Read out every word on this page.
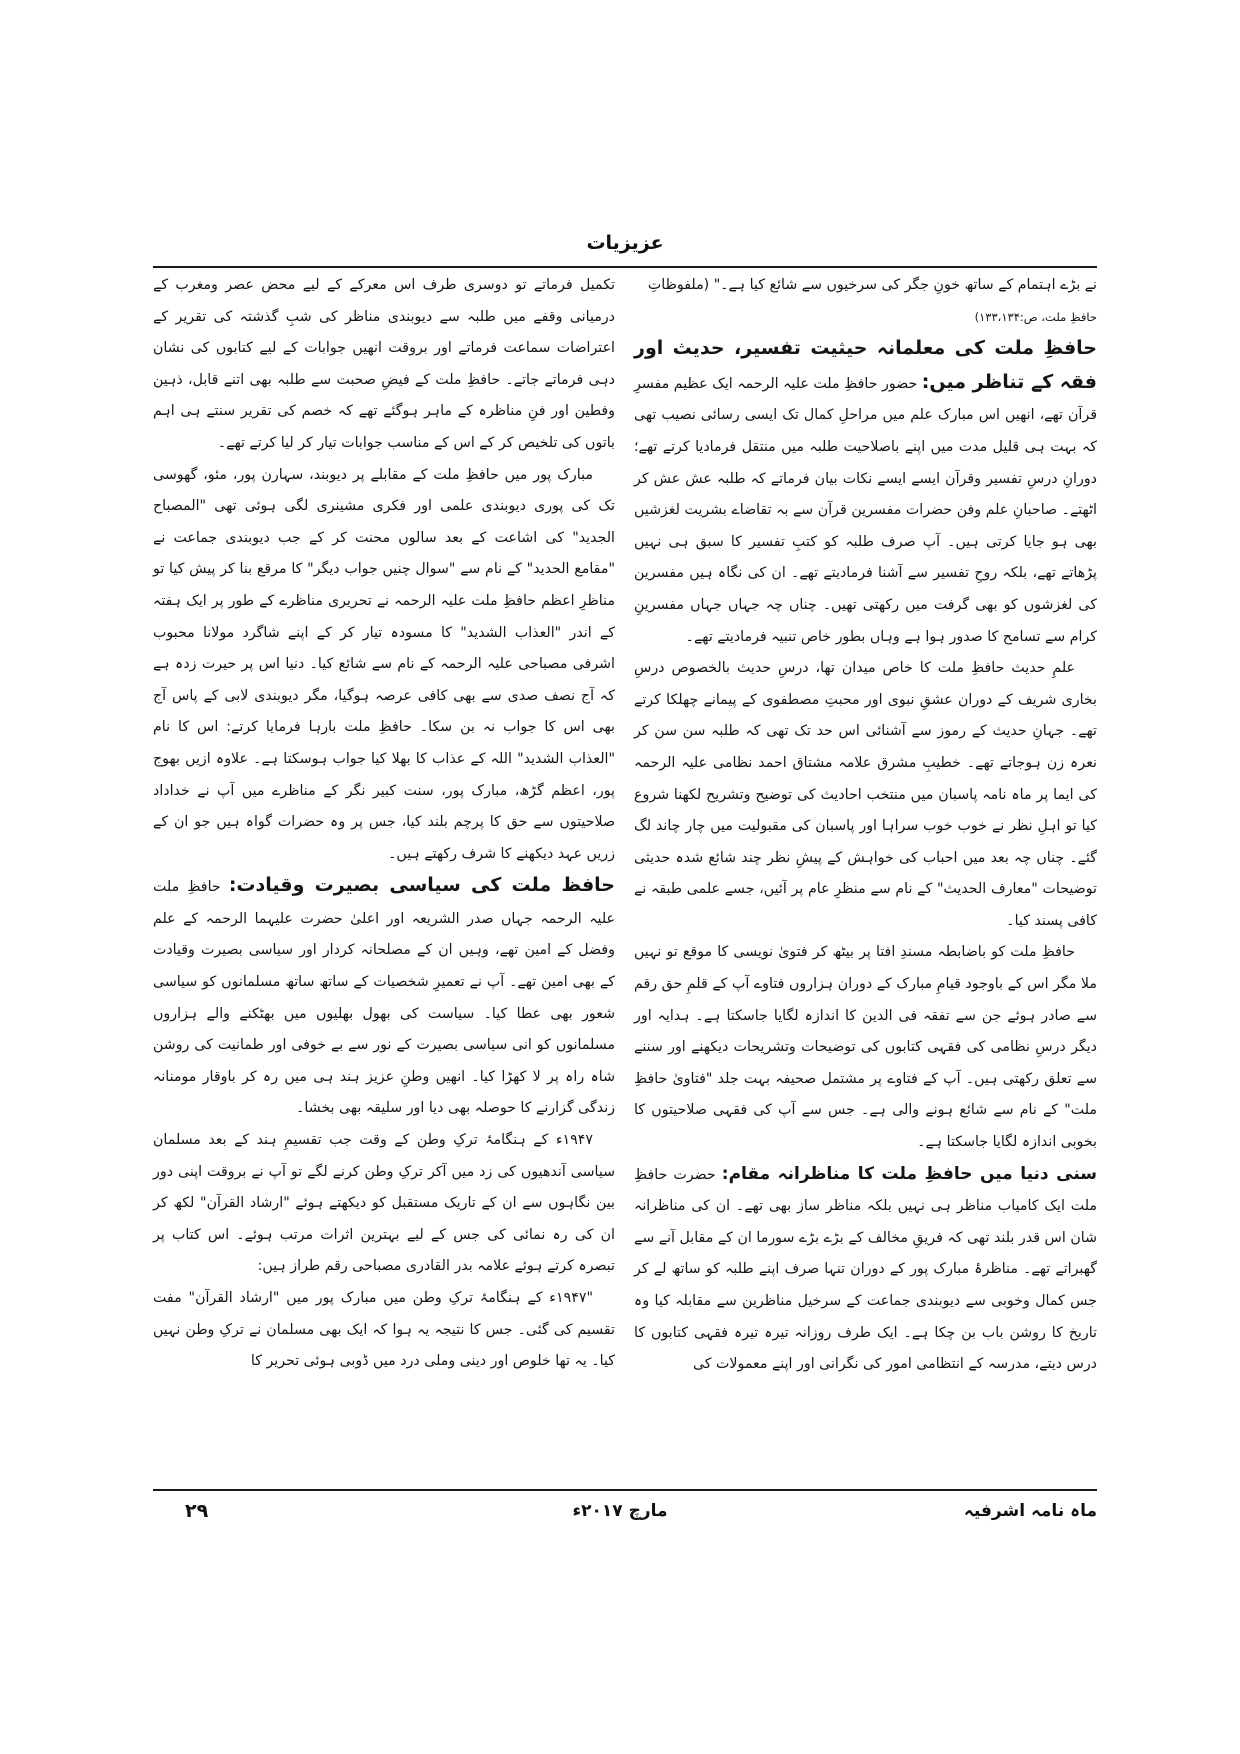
عزیزیات

نے بڑے اہتمام کے ساتھ خونِ جگر کی سرخیوں سے شائع کیا ہے۔" (ملفوظاتِ
حافظِ ملت، ص:۱۳۳،۱۳۴)

حافظِ ملت کی معلمانہ حیثیت تفسیر، حدیث اور فقہ کے تناظر میں: حضور حافظِ ملت علیہ الرحمہ ایک عظیم مفسرِ قرآن تھے، انھیں اس مبارک علم میں مراحلِ کمال تک ایسی رسائی نصیب تھی کہ بہت ہی قلیل مدت میں اپنے باصلاحیت طلبہ میں منتقل فرمادیا کرتے تھے؛ دورانِ درسِ تفسیر وقرآن ایسے ایسے نکات بیان فرماتے کہ طلبہ عش عش کر اٹھتے۔ صاحبانِ علم وفن حضرات مفسرین قرآن سے بہ تقاضاے بشریت لغزشیں بھی ہو جایا کرتی ہیں۔ آپ صرف طلبہ کو کتبِ تفسیر کا سبق ہی نہیں پڑھاتے تھے، بلکہ روحِ تفسیر سے آشنا فرمادیتے تھے۔ ان کی نگاہ ہیں مفسرین کی لغزشوں کو بھی گرفت میں رکھتی تھیں۔ چناں چہ جہاں جہاں مفسرینِ کرام سے تسامح کا صدور ہوا ہے وہاں بطور خاص تنبیہ فرمادیتے تھے۔

علمِ حدیث حافظِ ملت کا خاص میدان تھا، درسِ حدیث بالخصوص درسِ بخاری شریف کے دوران عشقِ نبوی اور محبتِ مصطفوی کے پیمانے چھلکا کرتے تھے۔ جہانِ حدیث کے رموز سے آشنائی اس حد تک تھی کہ طلبہ سن سن کر نعرہ زن ہوجاتے تھے۔ خطیبِ مشرق علامہ مشتاق احمد نظامی علیہ الرحمہ کی ایما پر ماہ نامہ پاسبان میں منتخب احادیث کی توضیح وتشریح لکھنا شروع کیا تو اہلِ نظر نے خوب خوب سراہا اور پاسبان کی مقبولیت میں چار چاند لگ گئے۔ چناں چہ بعد میں احباب کی خواہش کے پیشِ نظر چند شائع شدہ حدیثی توضیحات "معارف الحدیث" کے نام سے منظرِ عام پر آئیں، جسے علمی طبقہ نے کافی پسند کیا۔

حافظِ ملت کو باضابطہ مسندِ افتا پر بیٹھ کر فتویٰ نویسی کا موقع تو نہیں ملا مگر اس کے باوجود قیامِ مبارک کے دوران ہزاروں فتاوے آپ کے قلمِ حق رقم سے صادر ہوئے جن سے تفقہ فی الدین کا اندازہ لگایا جاسکتا ہے۔ ہدایہ اور دیگر درسِ نظامی کی فقہی کتابوں کی توضیحات وتشریحات دیکھنے اور سننے سے تعلق رکھتی ہیں۔ آپ کے فتاوے پر مشتمل صحیفہ بہت جلد "فتاویٰ حافظِ ملت" کے نام سے شائع ہونے والی ہے۔ جس سے آپ کی فقہی صلاحیتوں کا بخوبی اندازہ لگایا جاسکتا ہے۔

سنی دنیا میں حافظِ ملت کا مناظرانہ مقام: حضرت حافظِ ملت ایک کامیاب مناظر ہی نہیں بلکہ مناظر ساز بھی تھے۔ ان کی مناظرانہ شان اس قدر بلند تھی کہ فریقِ مخالف کے بڑے بڑے سورما ان کے مقابل آنے سے گھبراتے تھے۔ مناظرۂ مبارک پور کے دوران تنہا صرف اپنے طلبہ کو ساتھ لے کر جس کمال وخوبی سے دیوبندی جماعت کے سرخیل مناظرین سے مقابلہ کیا وہ تاریخ کا روشن باب بن چکا ہے۔ ایک طرف روزانہ تیرہ تیرہ فقہی کتابوں کا درس دیتے، مدرسہ کے انتظامی امور کی نگرانی اور اپنے معمولات کی

تکمیل فرماتے تو دوسری طرف اس معرکے کے لیے محض عصر ومغرب کے درمیانی وقفے میں طلبہ سے دیوبندی مناظر کی شبِ گذشتہ کی تقریر کے اعتراضات سماعت فرماتے اور بروقت انھیں جوابات کے لیے کتابوں کی نشان دہی فرماتے جاتے۔ حافظِ ملت کے فیضِ صحبت سے طلبہ بھی اتنے قابل، ذہین وفطین اور فنِ مناظرہ کے ماہر ہوگئے تھے کہ خصم کی تقریر سنتے ہی اہم باتوں کی تلخیص کر کے اس کے مناسب جوابات تیار کر لیا کرتے تھے۔

مبارک پور میں حافظِ ملت کے مقابلے پر دیوبند، سہارن پور، مئو، گھوسی تک کی پوری دیوبندی علمی اور فکری مشینری لگی ہوئی تھی "المصباح الجدید" کی اشاعت کے بعد سالوں محنت کر کے جب دیوبندی جماعت نے "مقامع الحدید" کے نام سے "سوال چنیں جواب دیگر" کا مرقع بنا کر پیش کیا تو مناظرِ اعظم حافظِ ملت علیہ الرحمہ نے تحریری مناظرے کے طور پر ایک ہفتہ کے اندر "العذاب الشدید" کا مسودہ تیار کر کے اپنے شاگرد مولانا محبوب اشرفی مصباحی علیہ الرحمہ کے نام سے شائع کیا۔ دنیا اس پر حیرت زدہ ہے کہ آج نصف صدی سے بھی کافی عرصہ ہوگیا، مگر دیوبندی لابی کے پاس آج بھی اس کا جواب نہ بن سکا۔ حافظِ ملت بارہا فرمایا کرتے: اس کا نام "العذاب الشدید" اللہ کے عذاب کا بھلا کیا جواب ہوسکتا ہے۔ علاوہ ازیں بھوج پور، اعظم گڑھ، مبارک پور، سنت کبیر نگر کے مناظرے میں آپ نے خداداد صلاحیتوں سے حق کا پرچم بلند کیا، جس پر وہ حضرات گواہ ہیں جو ان کے زریں عہد دیکھنے کا شرف رکھتے ہیں۔

حافظ ملت کی سیاسی بصیرت وقیادت: حافظِ ملت علیہ الرحمہ جہاں صدر الشریعہ اور اعلیٰ حضرت علیہما الرحمہ کے علم وفضل کے امین تھے، وہیں ان کے مصلحانہ کردار اور سیاسی بصیرت وقیادت کے بھی امین تھے۔ آپ نے تعمیرِ شخصیات کے ساتھ ساتھ مسلمانوں کو سیاسی شعور بھی عطا کیا۔ سیاست کی بھول بھلیوں میں بھٹکنے والے ہزاروں مسلمانوں کو انی سیاسی بصیرت کے نور سے بے خوفی اور طمانیت کی روشن شاہ راہ پر لا کھڑا کیا۔ انھیں وطنِ عزیز ہند ہی میں رہ کر باوقار مومنانہ زندگی گزارنے کا حوصلہ بھی دیا اور سلیقہ بھی بخشا۔

۱۹۴۷ء کے ہنگامۂ ترکِ وطن کے وقت جب تقسیمِ ہند کے بعد مسلمان سیاسی آندھیوں کی زد میں آکر ترکِ وطن کرنے لگے تو آپ نے بروقت اپنی دور بین نگاہوں سے ان کے تاریک مستقبل کو دیکھتے ہوئے "ارشاد القرآن" لکھ کر ان کی رہ نمائی کی جس کے لیے بہترین اثرات مرتب ہوئے۔ اس کتاب پر تبصرہ کرتے ہوئے علامہ بدر القادری مصباحی رقم طراز ہیں:

"۱۹۴۷ء کے ہنگامۂ ترکِ وطن میں مبارک پور میں "ارشاد القرآن" مفت تقسیم کی گئی۔ جس کا نتیجہ یہ ہوا کہ ایک بھی مسلمان نے ترکِ وطن نہیں کیا۔ یہ تھا خلوص اور دینی وملی درد میں ڈوبی ہوئی تحریر کا

ماہ نامہ اشرفیہ
مارچ ۲۰۱۷ء
۲۹
